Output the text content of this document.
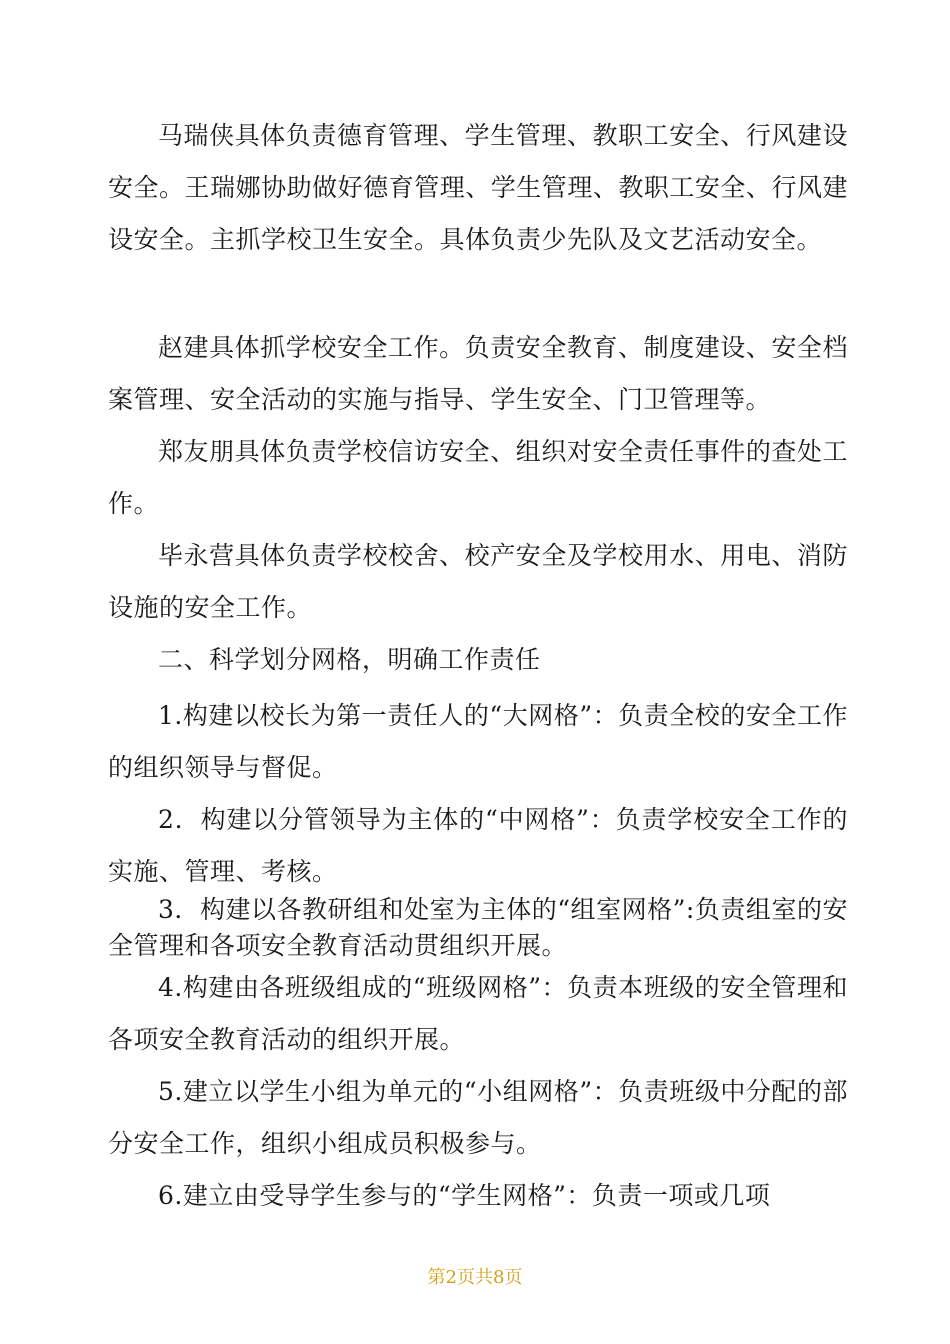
马瑞侠具体负责德育管理、学生管理、教职工安全、行风建设安全。王瑞娜协助做好德育管理、学生管理、教职工安全、行风建设安全。主抓学校卫生安全。具体负责少先队及文艺活动安全。

赵建具体抓学校安全工作。负责安全教育、制度建设、安全档案管理、安全活动的实施与指导、学生安全、门卫管理等。

郑友朋具体负责学校信访安全、组织对安全责任事件的查处工作。

毕永营具体负责学校校舍、校产安全及学校用水、用电、消防设施的安全工作。

二、科学划分网格，明确工作责任

1.构建以校长为第一责任人的“大网格”：负责全校的安全工作的组织领导与督促。

2．构建以分管领导为主体的“中网格”：负责学校安全工作的实施、管理、考核。

3．构建以各教研组和处室为主体的“组室网格”:负责组室的安全管理和各项安全教育活动贯组织开展。

4.构建由各班级组成的“班级网格”：负责本班级的安全管理和各项安全教育活动的组织开展。

5.建立以学生小组为单元的“小组网格”：负责班级中分配的部分安全工作，组织小组成员积极参与。

6.建立由受导学生参与的“学生网格”：负责一项或几项

第2页共8页
